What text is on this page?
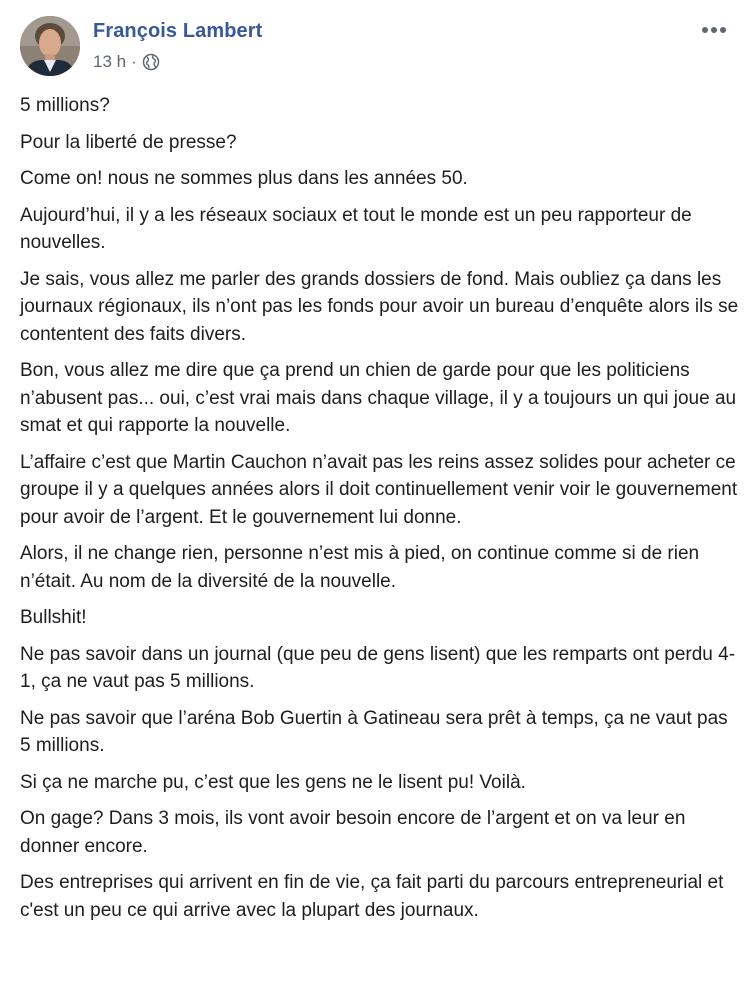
François Lambert
13 h ·

5 millions?

Pour la liberté de presse?

Come on! nous ne sommes plus dans les années 50.

Aujourd’hui, il y a les réseaux sociaux et tout le monde est un peu rapporteur de nouvelles.

Je sais, vous allez me parler des grands dossiers de fond. Mais oubliez ça dans les journaux régionaux, ils n’ont pas les fonds pour avoir un bureau d’enquête alors ils se contentent des faits divers.

Bon, vous allez me dire que ça prend un chien de garde pour que les politiciens n’abusent pas... oui, c’est vrai mais dans chaque village, il y a toujours un qui joue au smat et qui rapporte la nouvelle.

L’affaire c’est que Martin Cauchon n’avait pas les reins assez solides pour acheter ce groupe il y a quelques années alors il doit continuellement venir voir le gouvernement pour avoir de l’argent. Et le gouvernement lui donne.

Alors, il ne change rien, personne n’est mis à pied, on continue comme si de rien n’était. Au nom de la diversité de la nouvelle.

Bullshit!

Ne pas savoir dans un journal (que peu de gens lisent) que les remparts ont perdu 4-1, ça ne vaut pas 5 millions.

Ne pas savoir que l’aréna Bob Guertin à Gatineau sera prêt à temps, ça ne vaut pas 5 millions.

Si ça ne marche pu, c’est que les gens ne le lisent pu! Voilà.

On gage? Dans 3 mois, ils vont avoir besoin encore de l’argent et on va leur en donner encore.

Des entreprises qui arrivent en fin de vie, ça fait parti du parcours entrepreneurial et c'est un peu ce qui arrive avec la plupart des journaux.
